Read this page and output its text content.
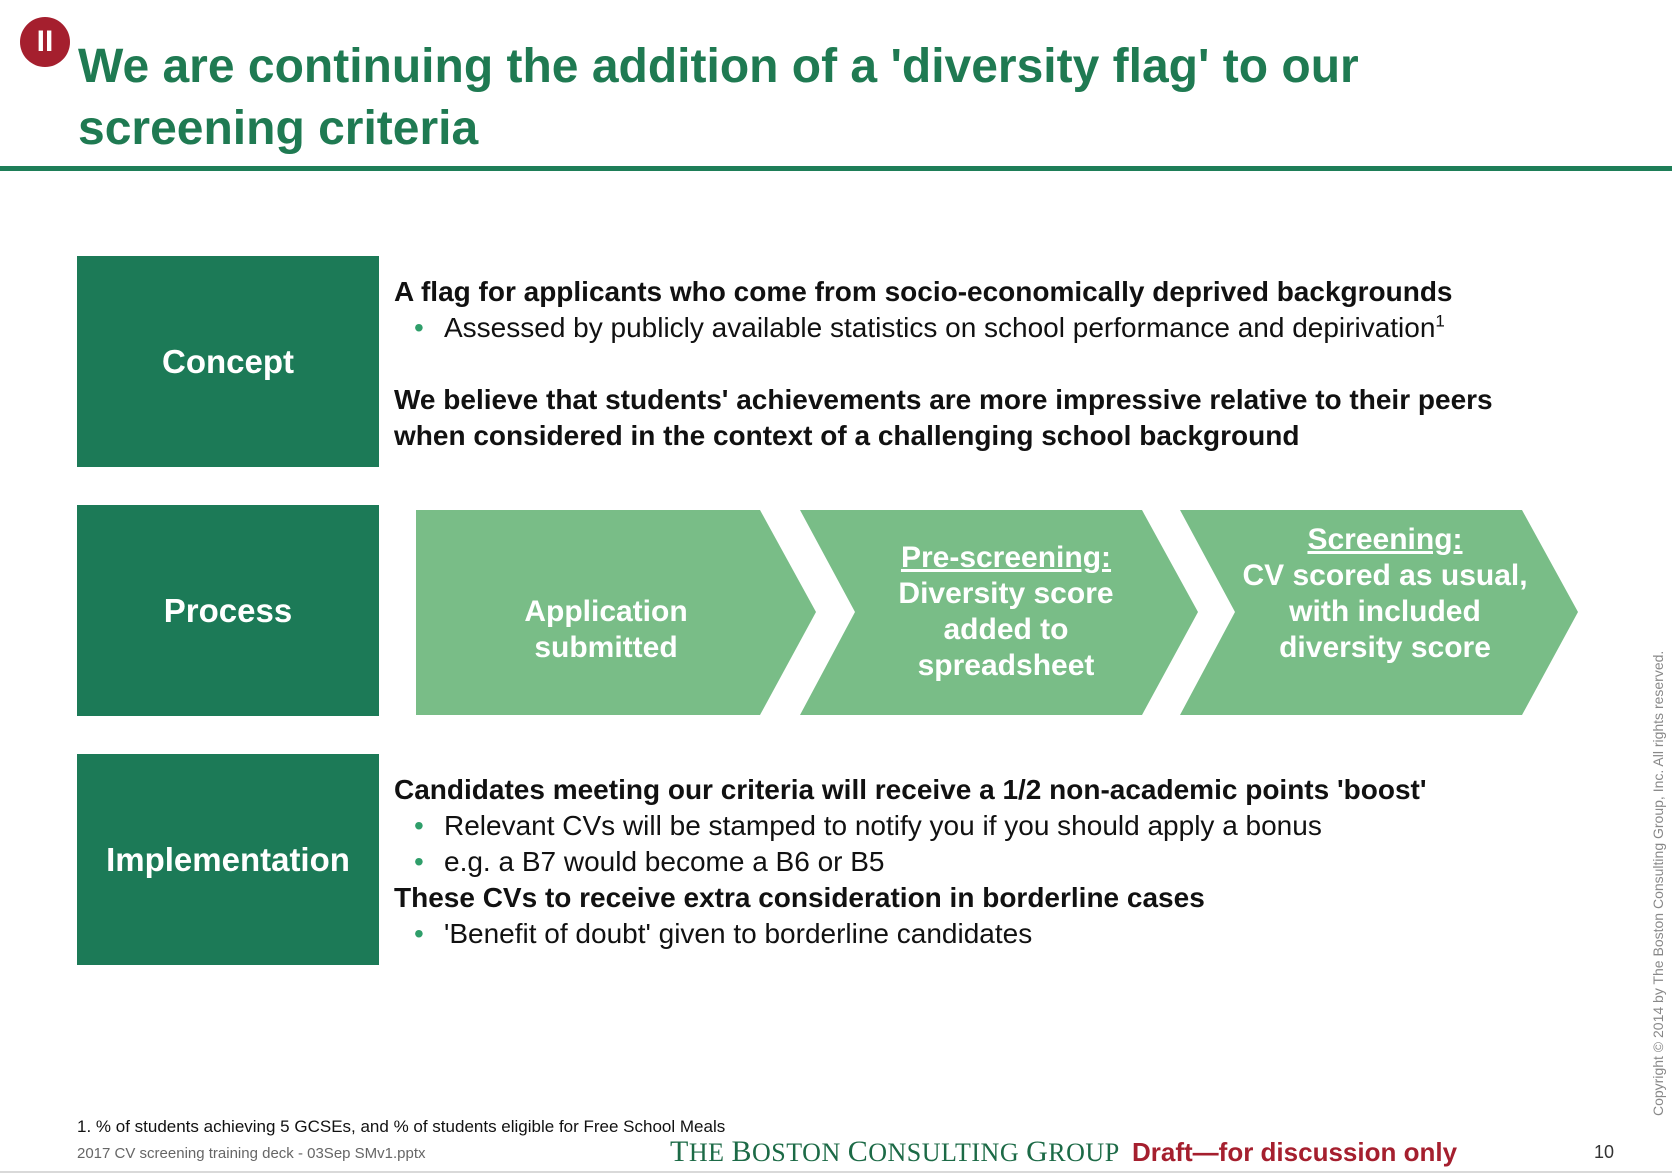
II We are continuing the addition of a 'diversity flag' to our
screening criteria
Concept

A flag for applicants who come from socio-economically deprived backgrounds

• Assessed by publicly available statistics on school performance and depirivation$^1$

We believe that students' achievements are more impressive relative to their peers

when considered in the context of a challenging school background

Process	Application submitted
Pre-screening:
Diversity score added to spreadsheet
Screening:
CV scored as usual, with included diversity score
Implementation

Candidates meeting our criteria will receive a 1/2 non-academic points 'boost'

• Relevant CVs will be stamped to notify you if you should apply a bonus
• e.g. a B7 would become a B6 or B5

These CVs to receive extra consideration in borderline cases

• 'Benefit of doubt' given to borderline candidates
1. % of students achieving 5 GCSEs, and % of students eligible for Free School Meals
2017 CV screening training deck - 03Sep SMv1.pptx	THE BOSTON CONSULTING GROUP Draft—for discussion only	10
Copyright © 2014 by The Boston Consulting Group, Inc. All rights reserved.
